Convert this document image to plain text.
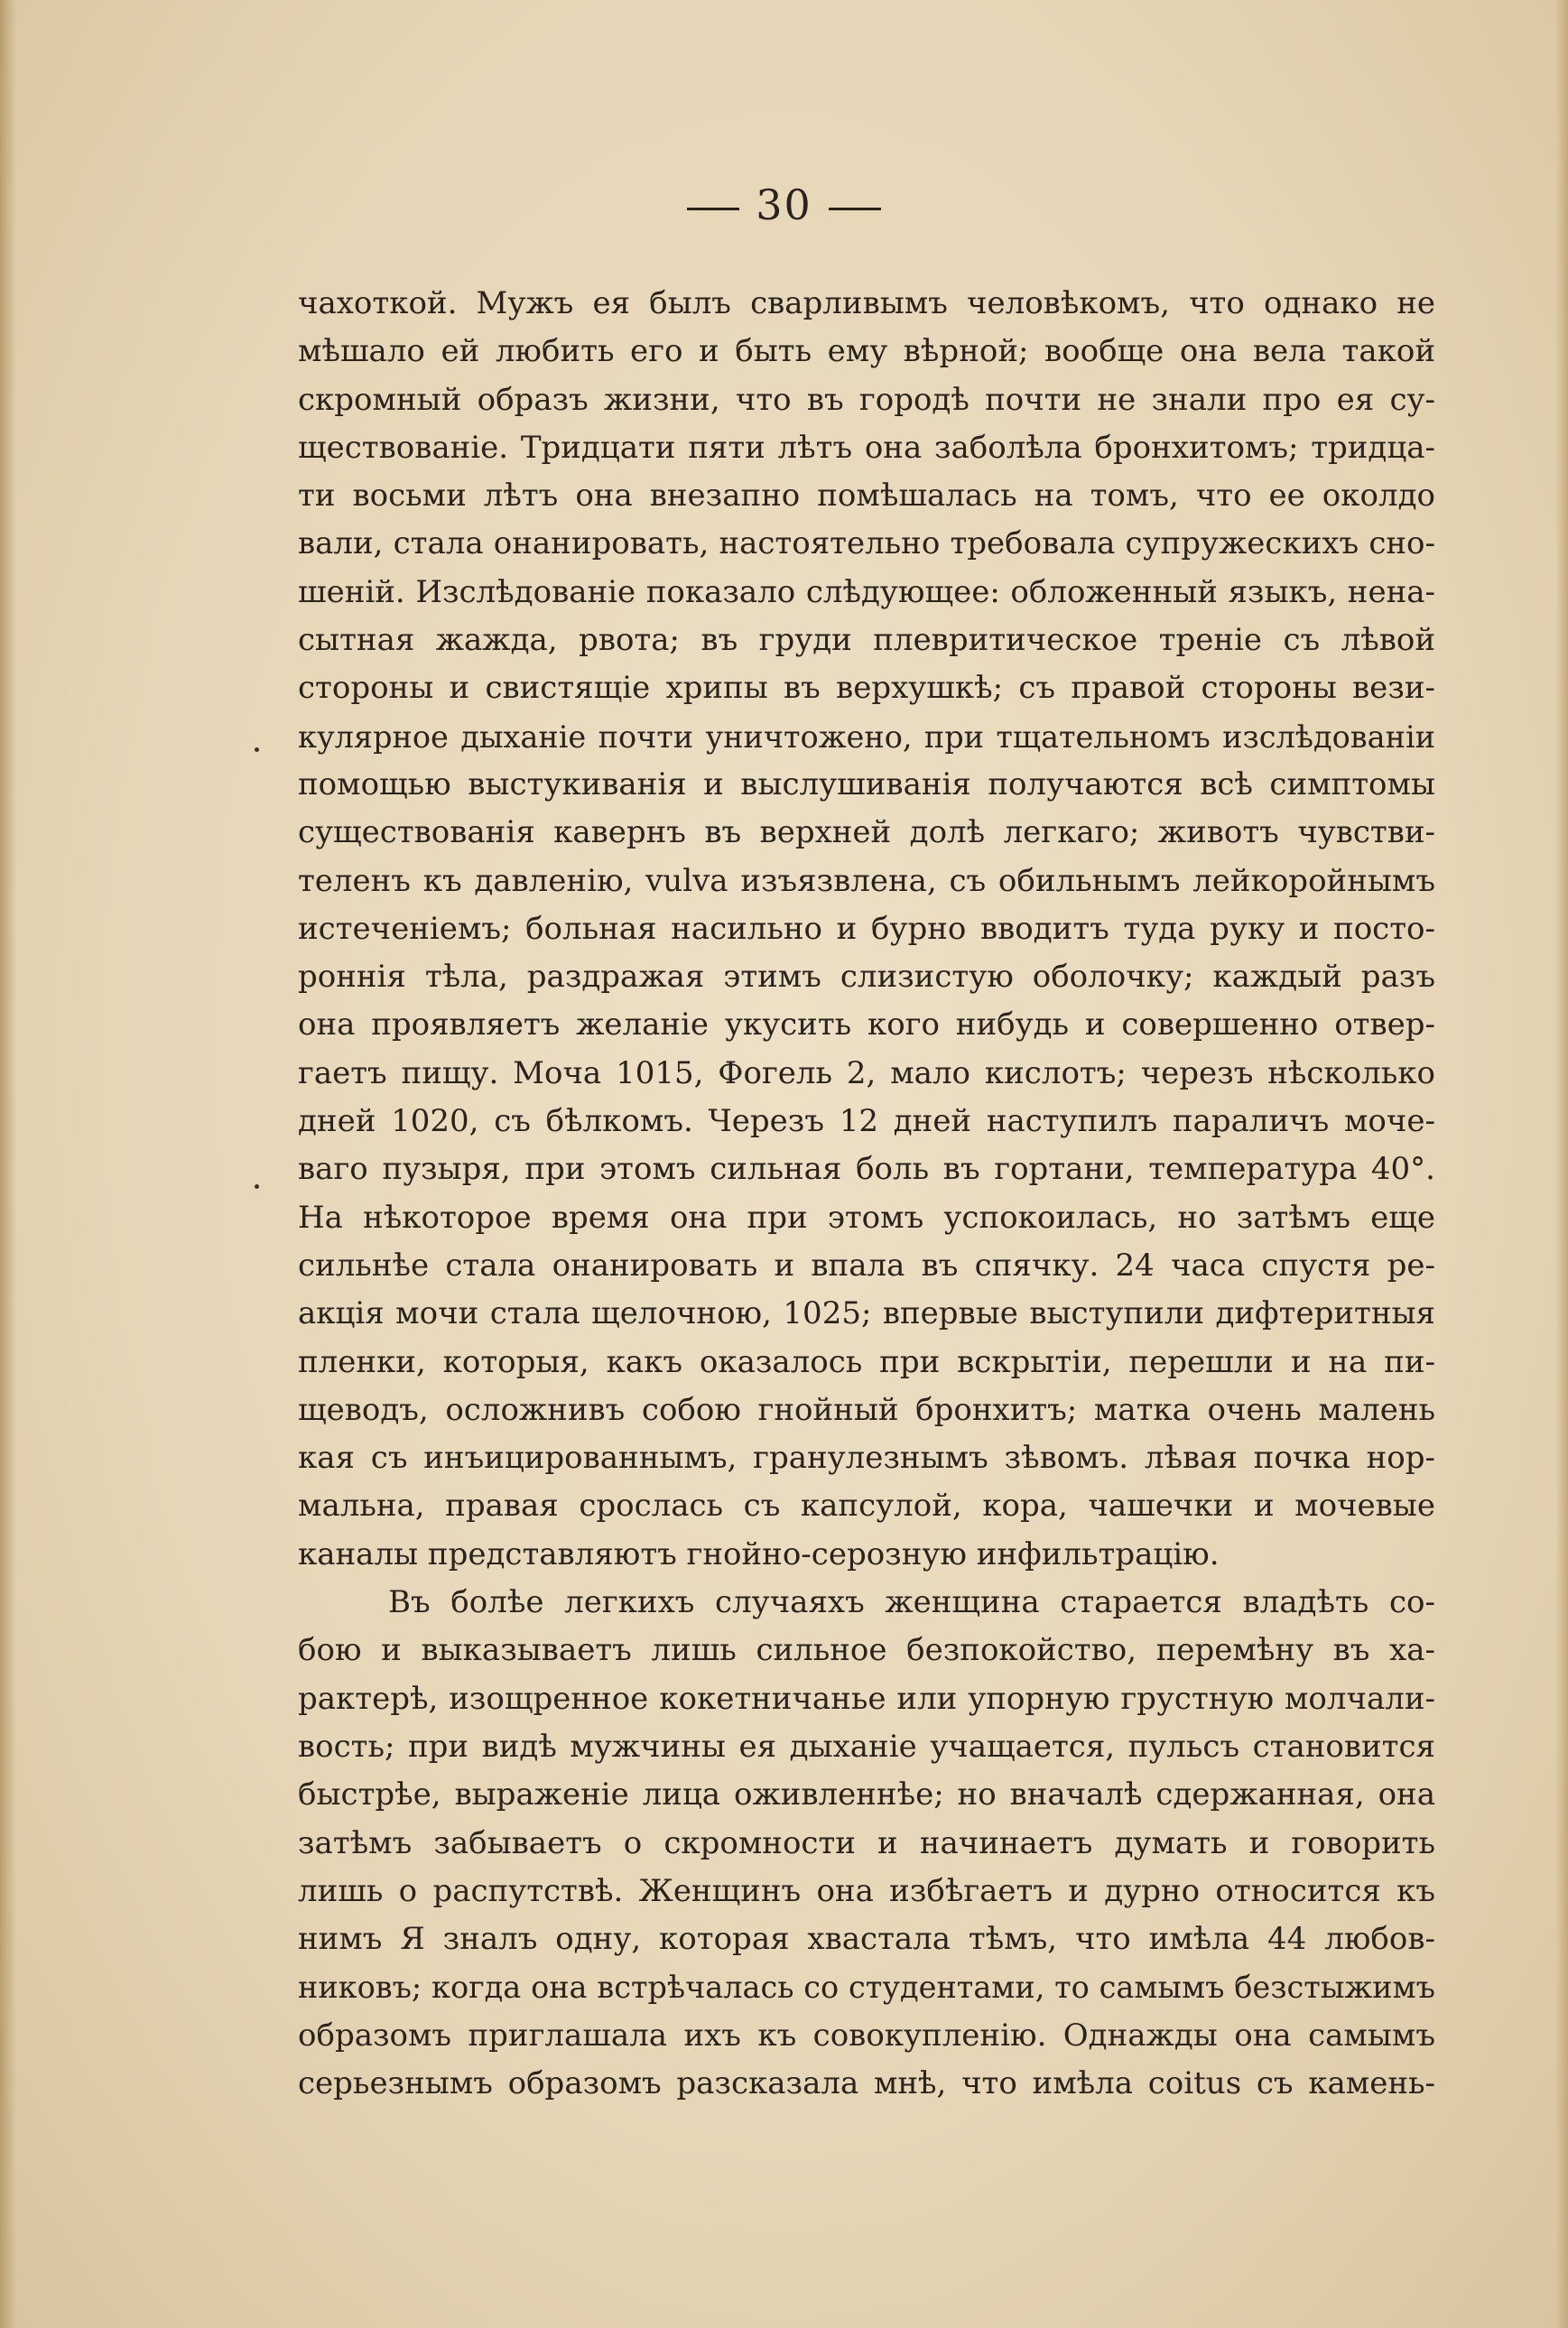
30
чахоткой. Мужъ ея былъ сварливымъ человѣкомъ, что однако не
мѣшало ей любить его и быть ему вѣрной; вообще она вела такой
скромный образъ жизни, что въ городѣ почти не знали про ея су-
ществованіе. Тридцати пяти лѣтъ она заболѣла бронхитомъ; тридца-
ти восьми лѣтъ она внезапно помѣшалась на томъ, что ее околдо
вали, стала онанировать, настоятельно требовала супружескихъ сно-
шеній. Изслѣдованіе показало слѣдующее: обложенный языкъ, нена-
сытная жажда, рвота; въ груди плевритическое треніе съ лѣвой
стороны и свистящіе хрипы въ верхушкѣ; съ правой стороны вези-
кулярное дыханіе почти уничтожено, при тщательномъ изслѣдованіи
помощью выстукиванія и выслушиванія получаются всѣ симптомы
существованія кавернъ въ верхней долѣ легкаго; животъ чувстви-
теленъ къ давленію, vulva изъязвлена, съ обильнымъ лейкоройнымъ
истеченіемъ; больная насильно и бурно вводитъ туда руку и посто-
роннія тѣла, раздражая этимъ слизистую оболочку; каждый разъ
она проявляетъ желаніе укусить кого нибудь и совершенно отвер-
гаетъ пищу. Моча 1015, Фогель 2, мало кислотъ; черезъ нѣсколько
дней 1020, съ бѣлкомъ. Черезъ 12 дней наступилъ параличъ моче-
ваго пузыря, при этомъ сильная боль въ гортани, температура 40°.
На нѣкоторое время она при этомъ успокоилась, но затѣмъ еще
сильнѣе стала онанировать и впала въ спячку. 24 часа спустя ре-
акція мочи стала щелочною, 1025; впервые выступили дифтеритныя
пленки, которыя, какъ оказалось при вскрытіи, перешли и на пи-
щеводъ, осложнивъ собою гнойный бронхитъ; матка очень малень
кая съ инъицированнымъ, гранулезнымъ зѣвомъ. лѣвая почка нор-
мальна, правая срослась съ капсулой, кора, чашечки и мочевые
каналы представляютъ гнойно-серозную инфильтрацію.
Въ болѣе легкихъ случаяхъ женщина старается владѣть со-
бою и выказываетъ лишь сильное безпокойство, перемѣну въ ха-
рактерѣ, изощренное кокетничанье или упорную грустную молчали-
вость; при видѣ мужчины ея дыханіе учащается, пульсъ становится
быстрѣе, выраженіе лица оживленнѣе; но вначалѣ сдержанная, она
затѣмъ забываетъ о скромности и начинаетъ думать и говорить
лишь о распутствѣ. Женщинъ она избѣгаетъ и дурно относится къ
нимъ Я зналъ одну, которая хвастала тѣмъ, что имѣла 44 любов-
никовъ; когда она встрѣчалась со студентами, то самымъ безстыжимъ
образомъ приглашала ихъ къ совокупленію. Однажды она самымъ
серьезнымъ образомъ разсказала мнѣ, что имѣла coitus съ камень-
